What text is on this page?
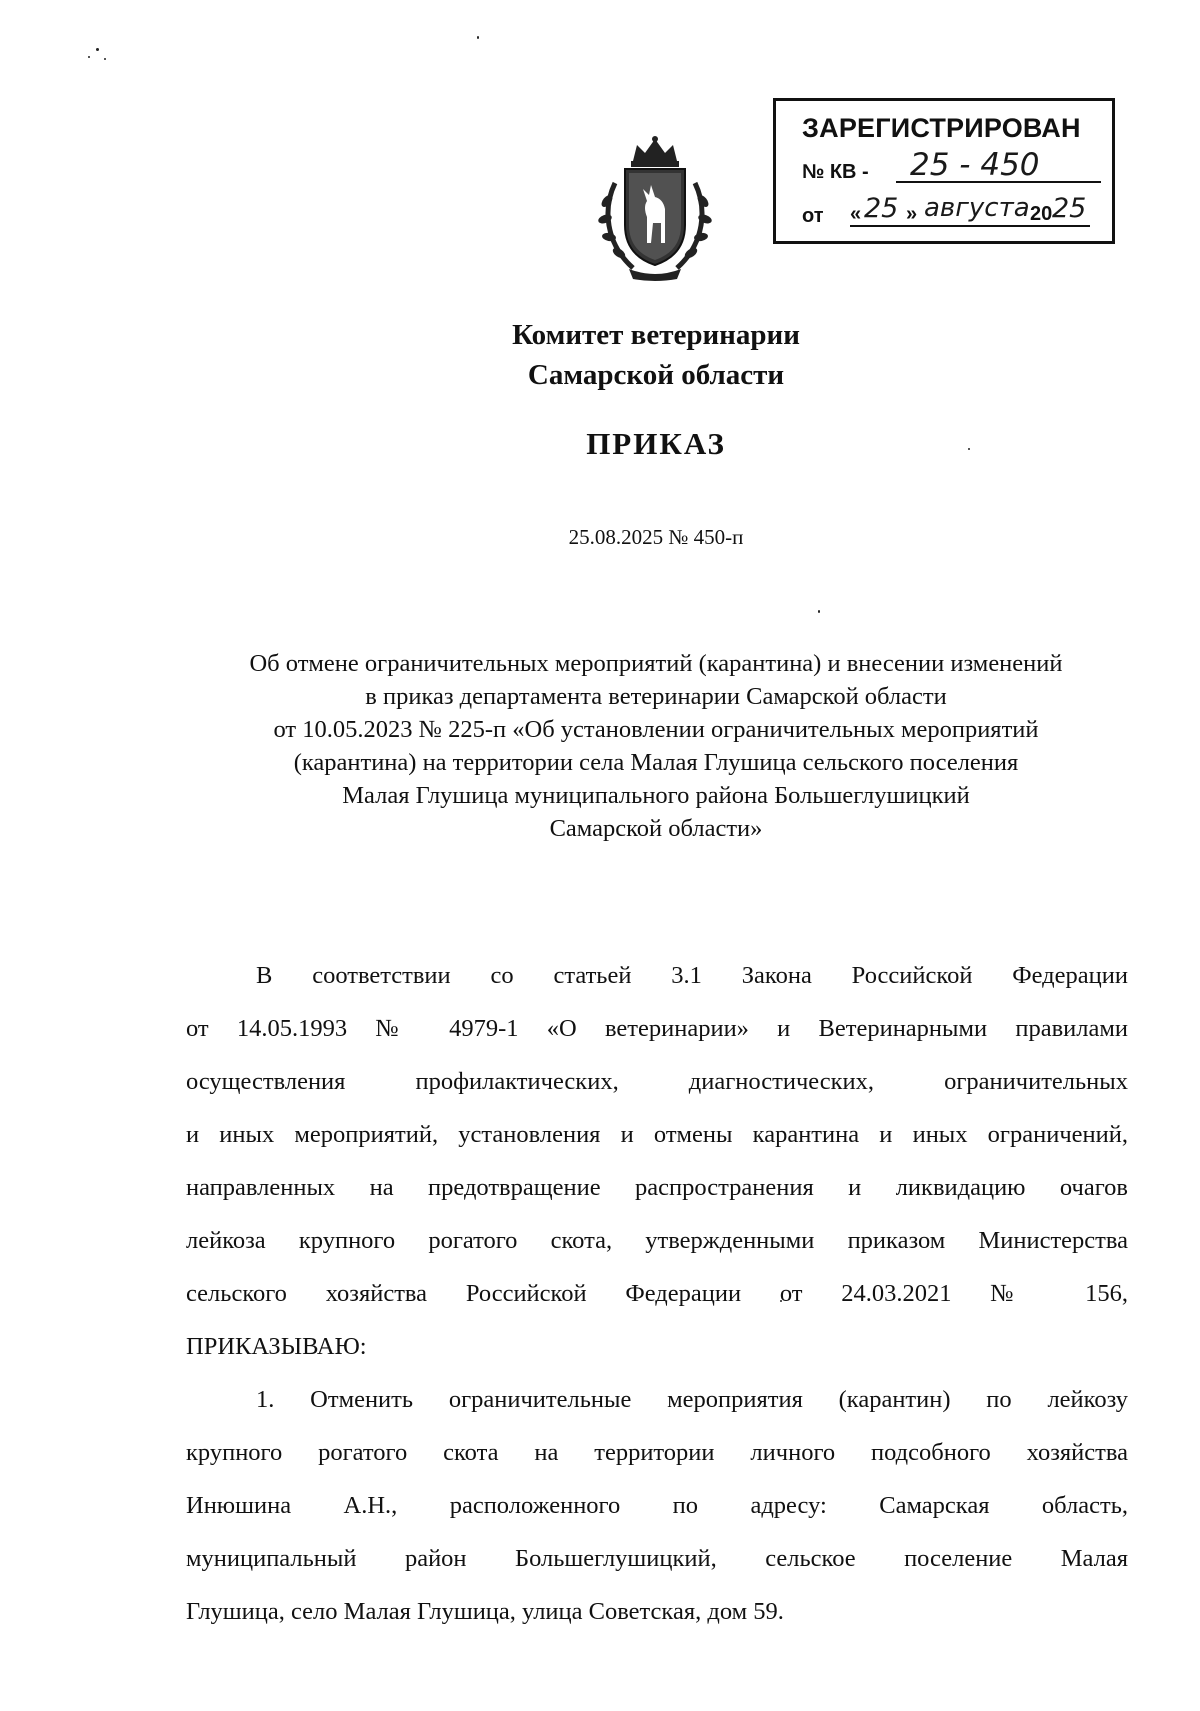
ЗАРЕГИСТРИРОВАН
№ КВ -	25 - 450
от « 25 » августа 20 25
Комитет ветеринарии
Самарской области
ПРИКАЗ
25.08.2025 № 450-п
Об отмене ограничительных мероприятий (карантина) и внесении изменений
в приказ департамента ветеринарии Самарской области
от 10.05.2023 № 225-п «Об установлении ограничительных мероприятий
(карантина) на территории села Малая Глушица сельского поселения
Малая Глушица муниципального района Большеглушицкий
Самарской области»
В соответствии со статьей 3.1 Закона Российской Федерации
от 14.05.1993 № 4979-1 «О ветеринарии» и Ветеринарными правилами
осуществления профилактических, диагностических, ограничительных
и иных мероприятий, установления и отмены карантина и иных ограничений,
направленных на предотвращение распространения и ликвидацию очагов
лейкоза крупного рогатого скота, утвержденными приказом Министерства
сельского хозяйства Российской Федерации от 24.03.2021 № 156,
ПРИКАЗЫВАЮ:
1. Отменить ограничительные мероприятия (карантин) по лейкозу
крупного рогатого скота на территории личного подсобного хозяйства
Инюшина А.Н., расположенного по адресу: Самарская область,
муниципальный район Большеглушицкий, сельское поселение Малая
Глушица, село Малая Глушица, улица Советская, дом 59.
